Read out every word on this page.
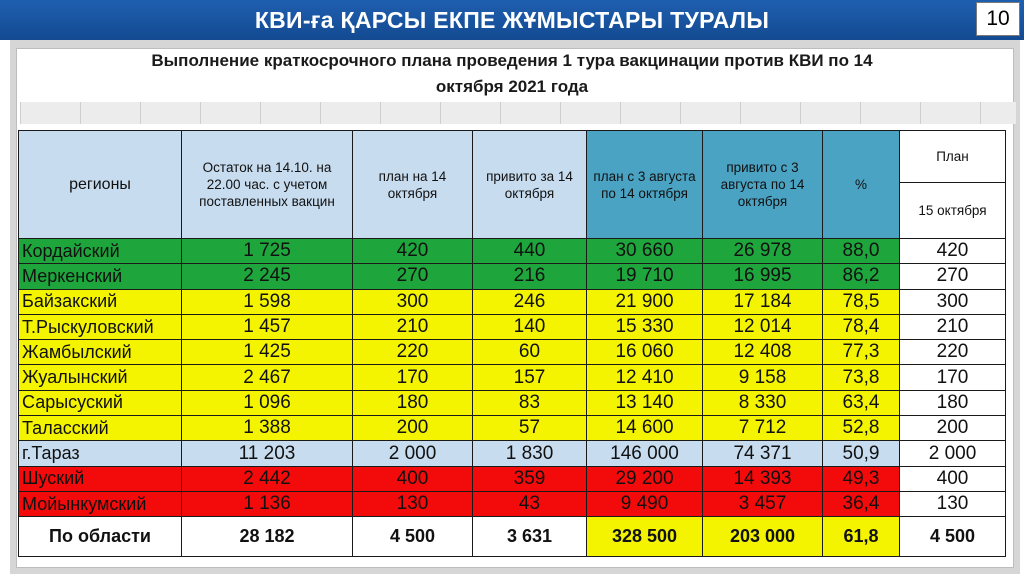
КВИ-ға ҚАРСЫ ЕКПЕ ЖҰМЫСТАРЫ ТУРАЛЫ	10
Выполнение краткосрочного плана проведения 1 тура вакцинации против КВИ по 14
октября 2021 года
регионы	Остаток на 14.10. на 22.00 час. с учетом поставленных вакцин	план на 14 октября	привито за 14 октября	план с 3 августа по 14 октября	привито с 3 августа по 14 октября	%	План
							15 октября
Кордайский	1 725	420	440	30 660	26 978	88,0	420
Меркенский	2 245	270	216	19 710	16 995	86,2	270
Байзакский	1 598	300	246	21 900	17 184	78,5	300
Т.Рыскуловский	1 457	210	140	15 330	12 014	78,4	210
Жамбылский	1 425	220	60	16 060	12 408	77,3	220
Жуалынский	2 467	170	157	12 410	9 158	73,8	170
Сарысуский	1 096	180	83	13 140	8 330	63,4	180
Таласский	1 388	200	57	14 600	7 712	52,8	200
г.Тараз	11 203	2 000	1 830	146 000	74 371	50,9	2 000
Шуский	2 442	400	359	29 200	14 393	49,3	400
Мойынкумский	1 136	130	43	9 490	3 457	36,4	130
По области	28 182	4 500	3 631	328 500	203 000	61,8	4 500
